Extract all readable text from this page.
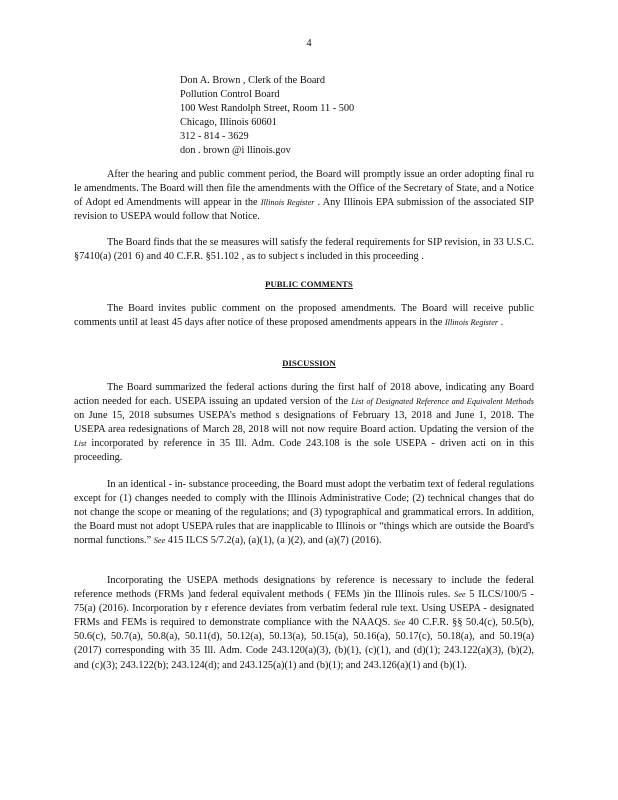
4
Don A. Brown , Clerk of the Board
Pollution Control Board
100 West Randolph Street, Room 11 - 500
Chicago, Illinois 60601
312 - 814 - 3629
don . brown @i llinois.gov
After the hearing and public comment period, the Board will promptly issue an order adopting final ru le amendments. The Board will then file the amendments with the Office of the Secretary of State, and a Notice of Adopt ed Amendments will appear in the Illinois Register . Any Illinois EPA submission of the associated SIP revision to USEPA would follow that Notice.
The Board finds that the se measures will satisfy the federal requirements for SIP revision, in 33 U.S.C. §7410(a) (201 6) and 40 C.F.R. §51.102 , as to subject s included in this proceeding .
PUBLIC COMMENTS
The Board invites public comment on the proposed amendments. The Board will receive public comments until at least 45 days after notice of these proposed amendments appears in the Illinois Register .
DISCUSSION
The Board summarized the federal actions during the first half of 2018 above, indicating any Board action needed for each. USEPA issuing an updated version of the List of Designated Reference and Equivalent Methods on June 15, 2018 subsumes USEPA's method s designations of February 13, 2018 and June 1, 2018. The USEPA area redesignations of March 28, 2018 will not now require Board action. Updating the version of the List incorporated by reference in 35 Ill. Adm. Code 243.108 is the sole USEPA - driven acti on in this proceeding.
In an identical - in- substance proceeding, the Board must adopt the verbatim text of federal regulations except for (1) changes needed to comply with the Illinois Administrative Code; (2) technical changes that do not change the scope or meaning of the regulations; and (3) typographical and grammatical errors. In addition, the Board must not adopt USEPA rules that are inapplicable to Illinois or “things which are outside the Board's normal functions.” See 415 ILCS 5/7.2(a), (a)(1), (a )(2), and (a)(7) (2016).
Incorporating the USEPA methods designations by reference is necessary to include the federal reference methods (FRMs )and federal equivalent methods ( FEMs )in the Illinois rules. See 5 ILCS/100/5 - 75(a) (2016). Incorporation by r eference deviates from verbatim federal rule text. Using USEPA - designated FRMs and FEMs is required to demonstrate compliance with the NAAQS. See 40 C.F.R. §§ 50.4(c), 50.5(b), 50.6(c), 50.7(a), 50.8(a), 50.11(d), 50.12(a), 50.13(a), 50.15(a), 50.16(a), 50.17(c), 50.18(a), and 50.19(a) (2017) corresponding with 35 Ill. Adm. Code 243.120(a)(3), (b)(1), (c)(1), and (d)(1); 243.122(a)(3), (b)(2), and (c)(3); 243.122(b); 243.124(d); and 243.125(a)(1) and (b)(1); and 243.126(a)(1) and (b)(1).
